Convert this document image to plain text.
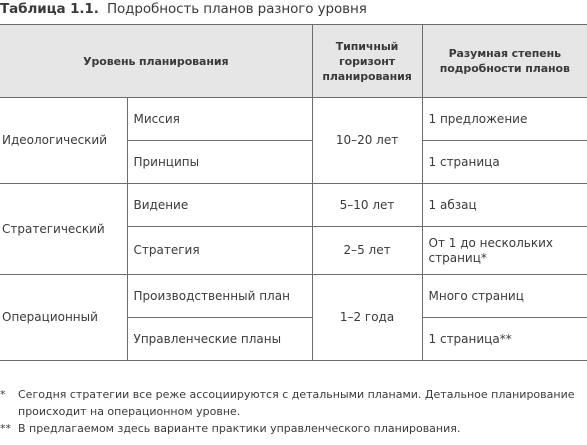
Таблица 1.1. Подробность планов разного уровня
Уровень планирования		Типичный горизонт планирования	Разумная степень подробности планов
Идеологический	Миссия	10–20 лет	1 предложение
	Принципы		1 страница
Стратегический	Видение	5–10 лет	1 абзац
	Стратегия	2–5 лет	От 1 до нескольких страниц*
Операционный	Производственный план	1–2 года	Много страниц
	Управленческие планы		1 страница**
* Сегодня стратегии все реже ассоциируются с детальными планами. Детальное планирование происходит на операционном уровне.
** В предлагаемом здесь варианте практики управленческого планирования.
